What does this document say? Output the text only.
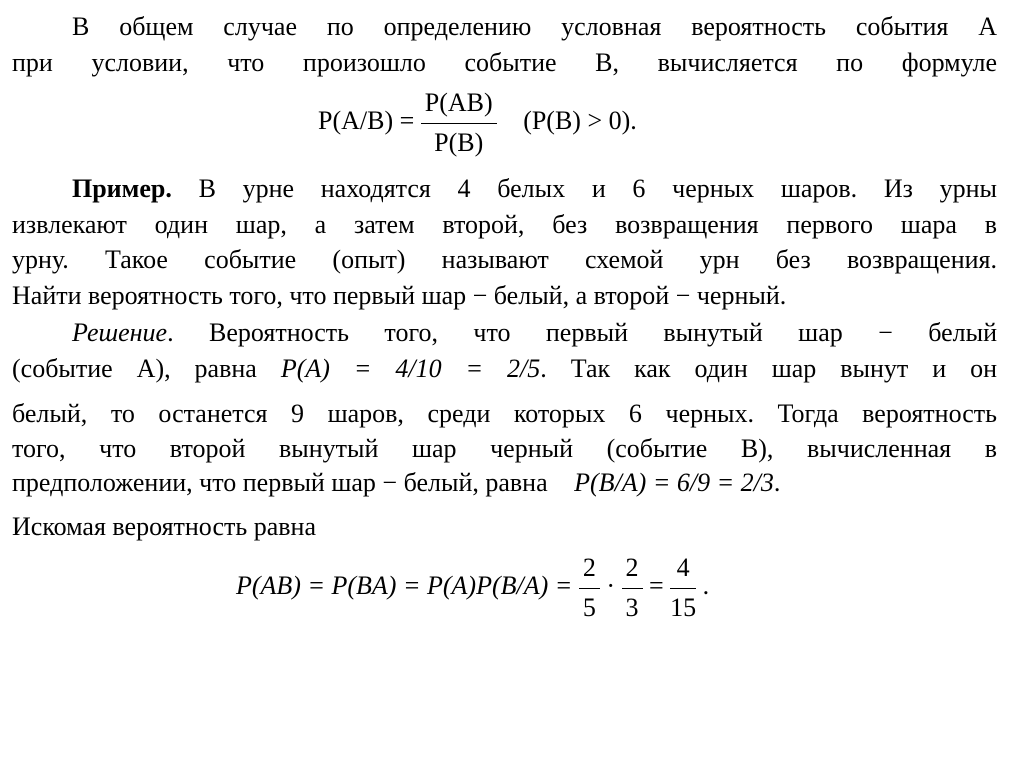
В общем случае по определению условная вероятность события A
при условии, что произошло событие B, вычисляется по формуле
$P(A/B) = \frac{P(AB)}{P(B)} (P(B) > 0)$.
Пример. В урне находятся 4 белых и 6 черных шаров. Из урны
извлекают один шар, а затем второй, без возвращения первого шара в
урну. Такое событие (опыт) называют схемой урн без возвращения.
Найти вероятность того, что первый шар − белый, а второй − черный.
Решение. Вероятность того, что первый вынутый шар − белый
(событие A), равна P(A) = 4/10 = 2/5. Так как один шар вынут и он
белый, то останется 9 шаров, среди которых 6 черных. Тогда вероятность
того, что второй вынутый шар черный (событие B), вычисленная в
предположении, что первый шар − белый, равна P(B/A) = 6/9 = 2/3.
Искомая вероятность равна
$P(AB) = P(BA) = P(A)P(B/A) = \frac{2}{5} \cdot \frac{2}{3} = \frac{4}{15}$ .
